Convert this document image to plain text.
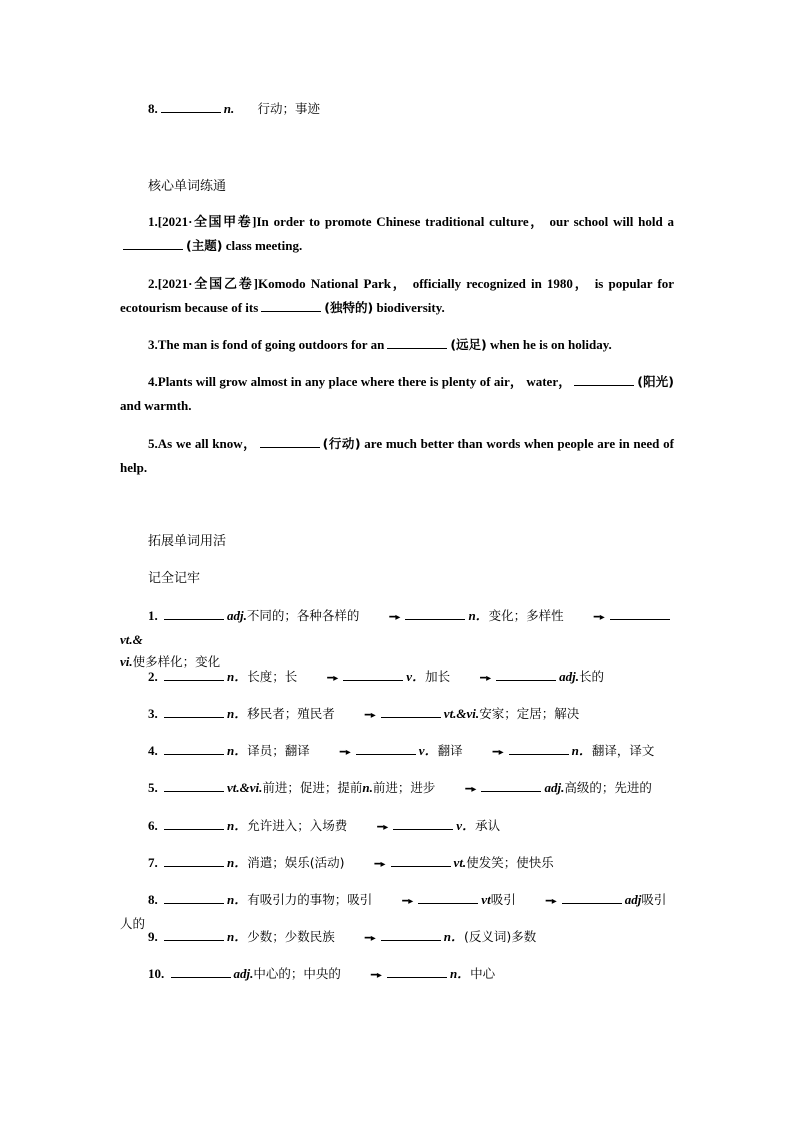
8.	n. 行动；事迹
核心单词练通
1.[2021·全国甲卷]In order to promote Chinese traditional culture， our school will hold a(主题) class meeting.
2.[2021·全国乙卷]Komodo National Park， officially recognized in 1980， is popular for ecotourism because of its	(独特的) biodiversity.
3.The man is fond of going outdoors for an	(远足) when he is on holiday.
4.Plants will grow almost in any place where there is plenty of air， water，	(阳光) and warmth.
5.As we all know，	(行动) are much better than words when people are in need of help.
拓展单词用活
记全记牢
1.	adj.不同的；各种各样的	━▸	n．变化；多样性	━▸vt.&
vi.使多样化；变化
2.	n．长度；长	━▸	v．加长	━▸	adj.长的
3.	n．移民者；殖民者	━▸	vt.&vi.安家；定居；解决
4.	n．译员；翻译	━▸	v．翻译	━▸	n．翻译，译文
5.	vt.&vi.前进；促进；提前n.前进；进步	━▸	adj.高级的；先进的
6.	n．允许进入；入场费	━▸	v．承认
7.	n．消遣；娱乐(活动)	━▸	vt.使发笑；使快乐
8.	n．有吸引力的事物；吸引	━▸	vt吸引	━▸	adj吸引人的
9.	n．少数；少数民族	━▸	n．(反义词)多数
10.	adj.中心的；中央的	━▸	n．中心
